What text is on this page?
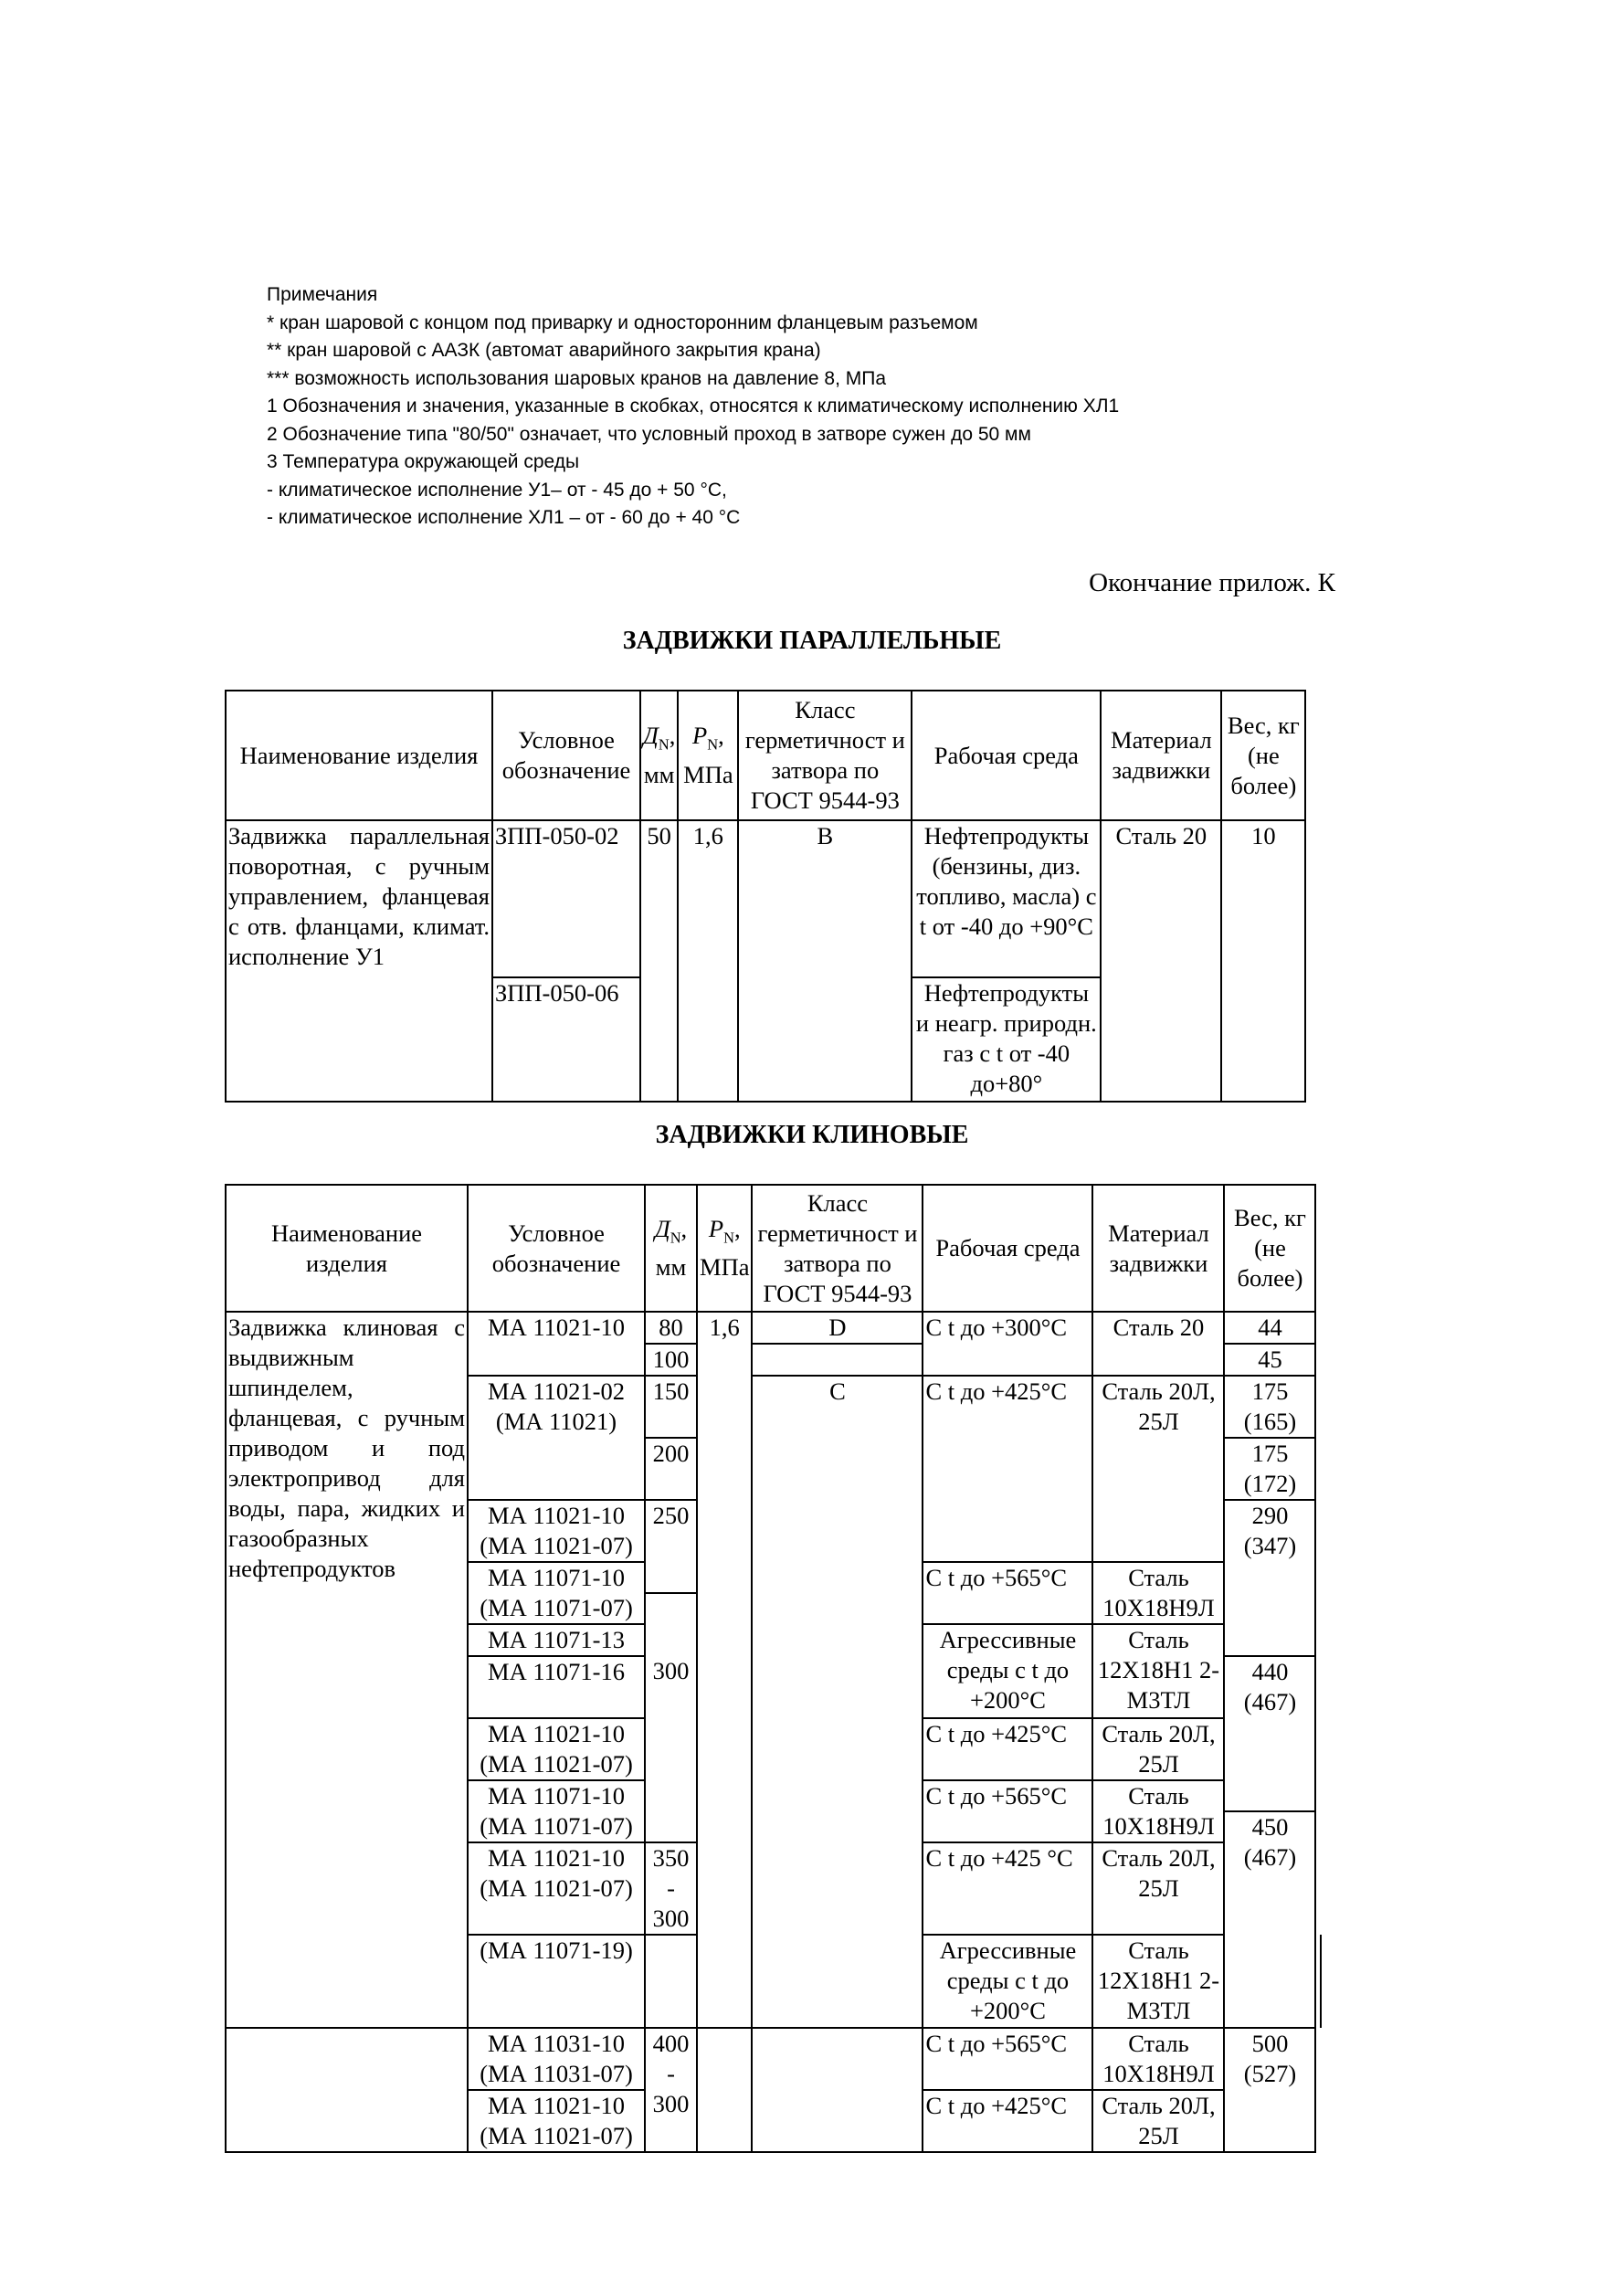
Примечания
* кран шаровой с концом под приварку и односторонним фланцевым разъемом
** кран шаровой с ААЗК (автомат аварийного закрытия крана)
*** возможность использования шаровых кранов на давление 8, МПа
1 Обозначения и значения, указанные в скобках, относятся к климатическому исполнению ХЛ1
2 Обозначение типа "80/50" означает, что условный проход в затворе сужен до 50 мм
3 Температура окружающей среды
- климатическое исполнение У1– от - 45 до + 50 °С,
- климатическое исполнение ХЛ1 – от - 60 до + 40 °С
Окончание прилож. К
ЗАДВИЖКИ ПАРАЛЛЕЛЬНЫЕ
Наименование изделия	Условное обозначение	$Д_N$, мм	$P_N$, МПа	Класс герметичност и затвора по ГОСТ 9544-93	Рабочая среда	Материал задвижки	Вес, кг (не более)
Задвижка параллельная поворотная, с ручным управлением, фланцевая с отв. фланцами, климат. исполнение У1	ЗПП-050-02	50	1,6	B	Нефтепродукты (бензины, диз. топливо, масла) с t от -40 до +90°С	Сталь 20	10
	ЗПП-050-06				Нефтепродукты и неагр. природн. газ с t от -40 до+80°		
ЗАДВИЖКИ КЛИНОВЫЕ
Наименование изделия	Условное обозначение	$Д_N$, мм	$P_N$, МПа	Класс герметичност и затвора по ГОСТ 9544-93	Рабочая среда	Материал задвижки	Вес, кг (не более)	
Задвижка клиновая с выдвижным шпинделем, фланцевая, с ручным приводом и под электропривод для воды, пара, жидких и газообразных нефтепродуктов	МА 11021-10	80	1,6	D	С t до +300°С	Сталь 20	44	
		100					45	
	МА 11021-02 (МА 11021)	150		C	С t до +425°С	Сталь 20Л, 25Л	175 (165)	

		200					175 (172)	

	МА 11021-10 (МА 11021-07)	250					290 (347)	

	МА 11071-10 (МА 11071-07)				С t до +565°С	Сталь 10Х18Н9Л		

	МА 11071-13				Агрессивные среды с t до +200°С	Сталь 12Х18Н1 2-М3ТЛ		
	МА 11071-16	300					440 (467)	

	МА 11021-10 (МА 11021-07)				С t до +425°С	Сталь 20Л, 25Л		

	МА 11071-10 (МА 11071-07)				С t до +565°С	Сталь 10Х18Н9Л		
							450 (467)	
	МА 11021-10 (МА 11021-07)	350
-
300			С t до +425 °С	Сталь 20Л, 25Л		

	(МА 11071-19)				Агрессивные среды с t до +200°С	Сталь 12Х18Н1 2-М3ТЛ		
	МА 11031-10 (МА 11031-07)	400
-
300			С t до +565°С	Сталь 10Х18Н9Л	500 (527)	
	МА 11021-10 (МА 11021-07)				С t до +425°С	Сталь 20Л, 25Л		
